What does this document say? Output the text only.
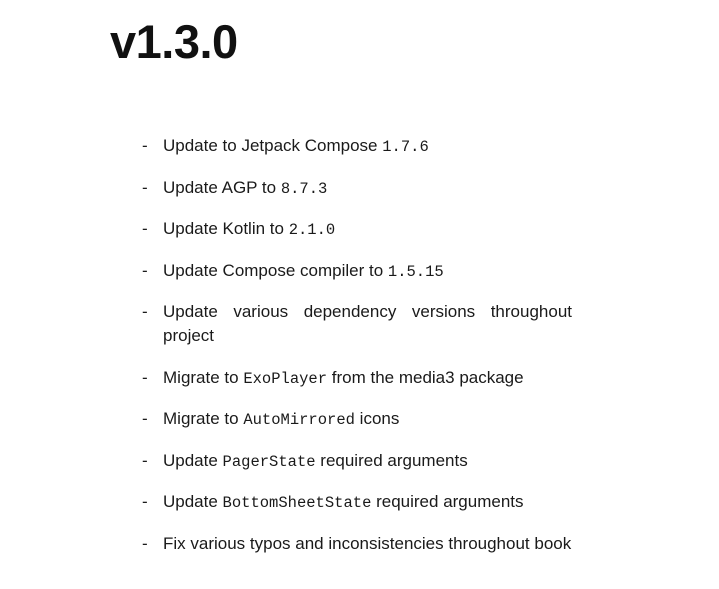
v1.3.0
- Update to Jetpack Compose 1.7.6
- Update AGP to 8.7.3
- Update Kotlin to 2.1.0
- Update Compose compiler to 1.5.15
- Update various dependency versions throughout project
- Migrate to ExoPlayer from the media3 package
- Migrate to AutoMirrored icons
- Update PagerState required arguments
- Update BottomSheetState required arguments
- Fix various typos and inconsistencies throughout book
